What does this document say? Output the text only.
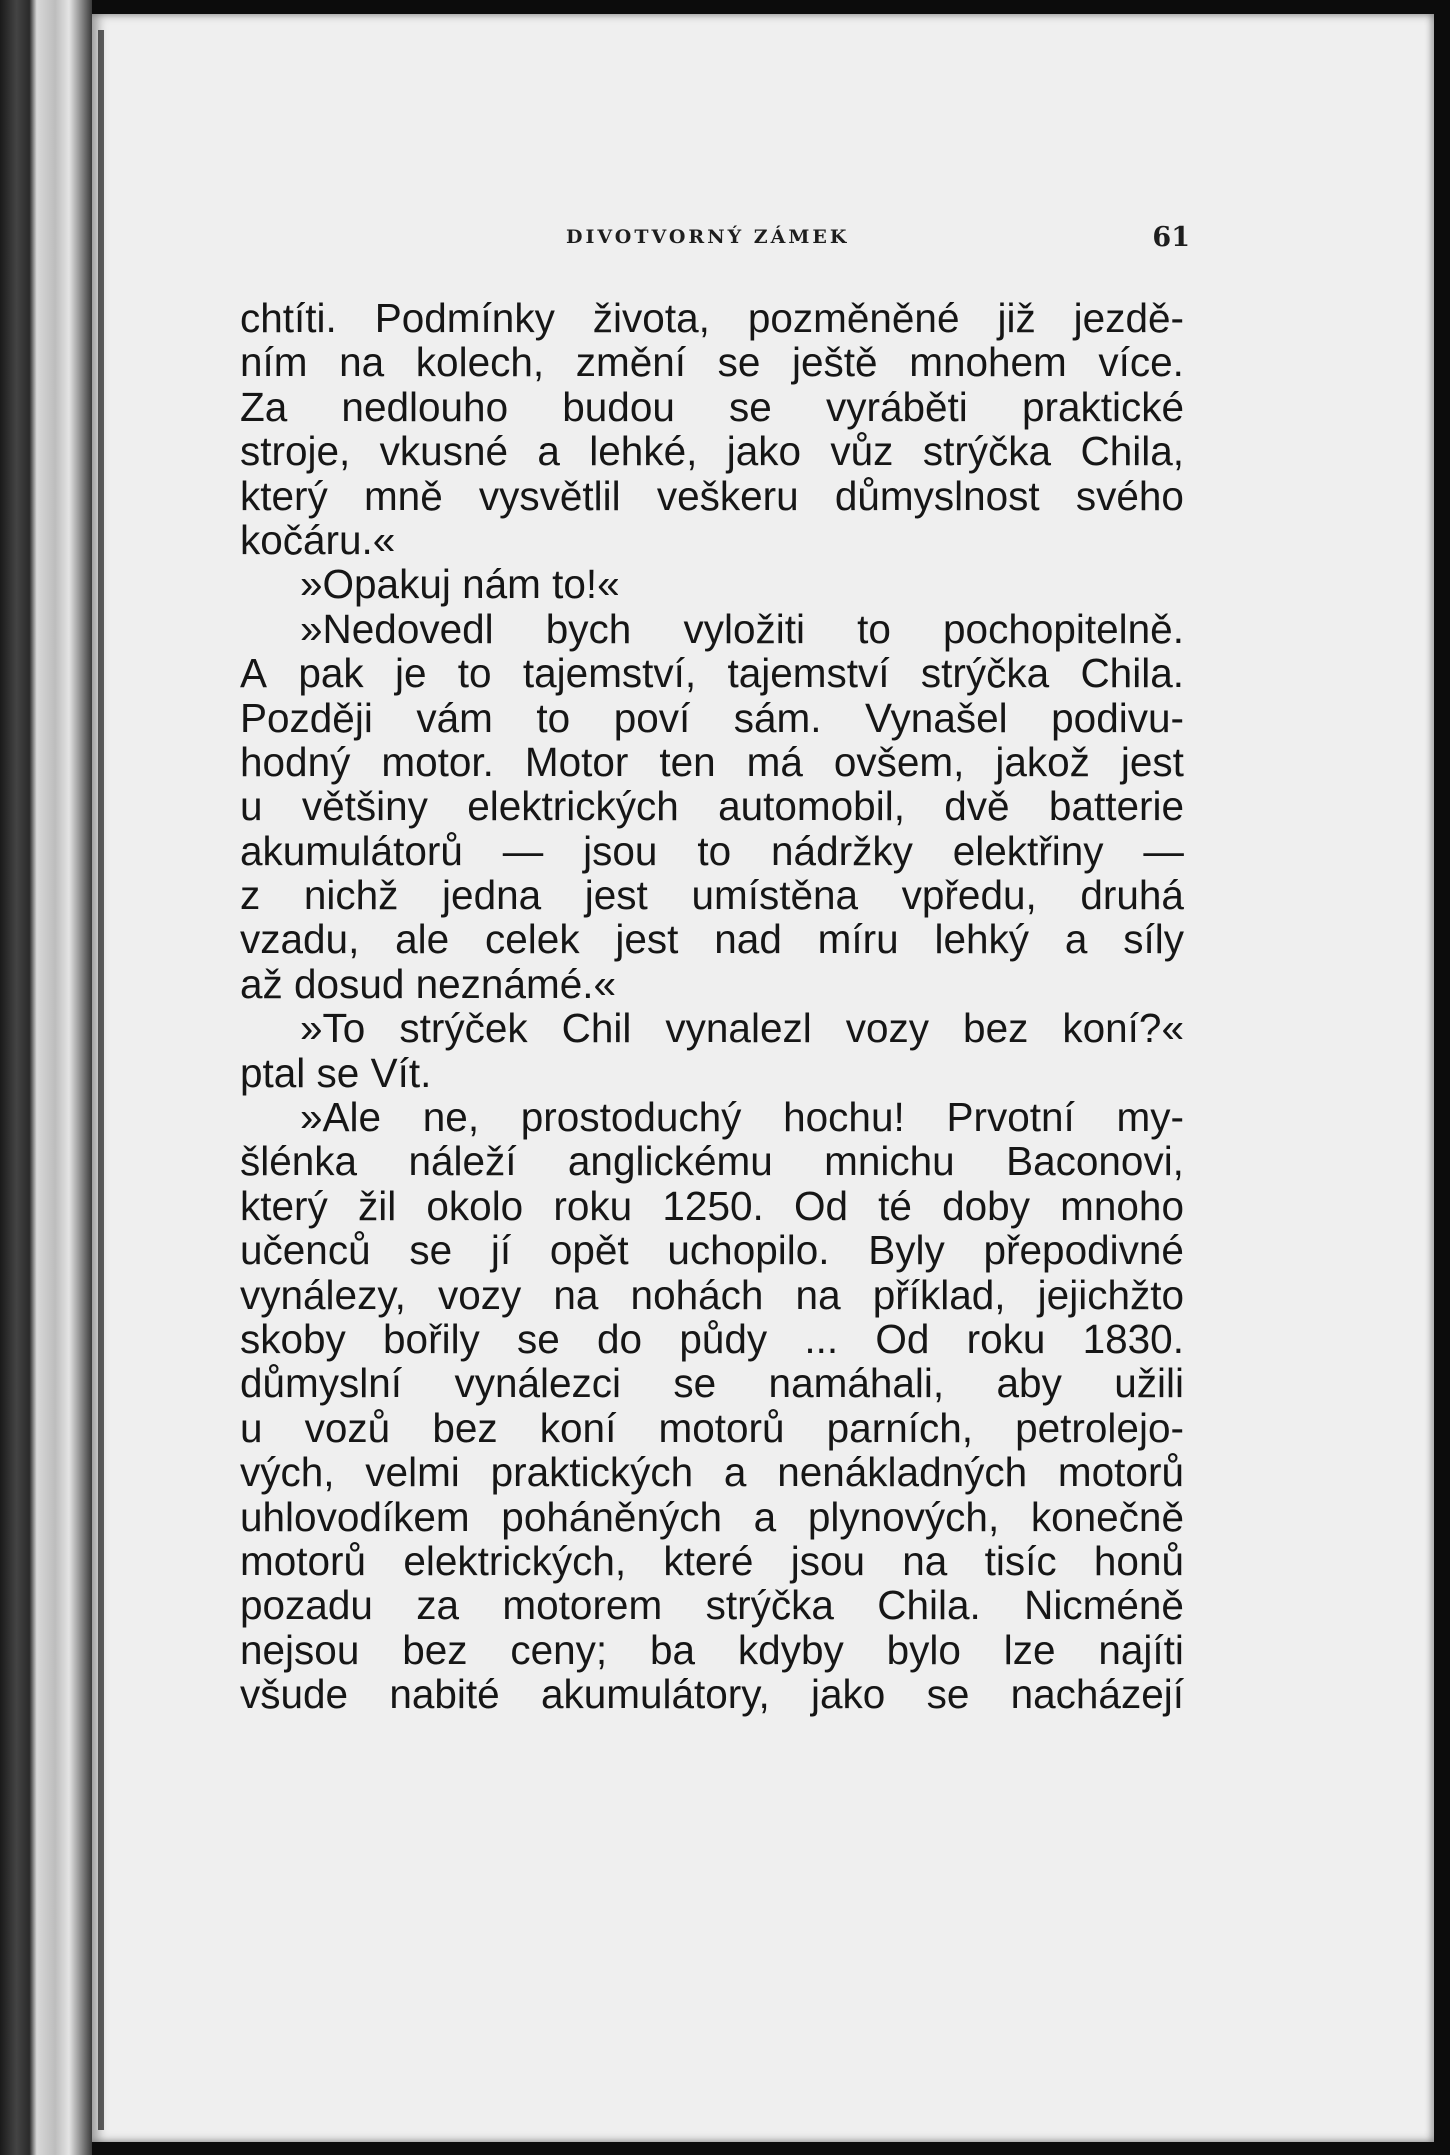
DIVOTVORNÝ ZÁMEK	61
chtíti. Podmínky života, pozměněné již jezdě-
ním na kolech, změní se ještě mnohem více.
Za nedlouho budou se vyráběti praktické
stroje, vkusné a lehké, jako vůz strýčka Chila,
který mně vysvětlil veškeru důmyslnost svého
kočáru.«
»Opakuj nám to!«
»Nedovedl bych vyložiti to pochopitelně.
A pak je to tajemství, tajemství strýčka Chila.
Později vám to poví sám. Vynašel podivu-
hodný motor. Motor ten má ovšem, jakož jest
u většiny elektrických automobil, dvě batterie
akumulátorů — jsou to nádržky elektřiny —
z nichž jedna jest umístěna vpředu, druhá
vzadu, ale celek jest nad míru lehký a síly
až dosud neznámé.«
»To strýček Chil vynalezl vozy bez koní?«
ptal se Vít.
»Ale ne, prostoduchý hochu! Prvotní my-
šlénka náleží anglickému mnichu Baconovi,
který žil okolo roku 1250. Od té doby mnoho
učenců se jí opět uchopilo. Byly přepodivné
vynálezy, vozy na nohách na příklad, jejichžto
skoby bořily se do půdy ... Od roku 1830.
důmyslní vynálezci se namáhali, aby užili
u vozů bez koní motorů parních, petrolejo-
vých, velmi praktických a nenákladných motorů
uhlovodíkem poháněných a plynových, konečně
motorů elektrických, které jsou na tisíc honů
pozadu za motorem strýčka Chila. Nicméně
nejsou bez ceny; ba kdyby bylo lze najíti
všude nabité akumulátory, jako se nacházejí
